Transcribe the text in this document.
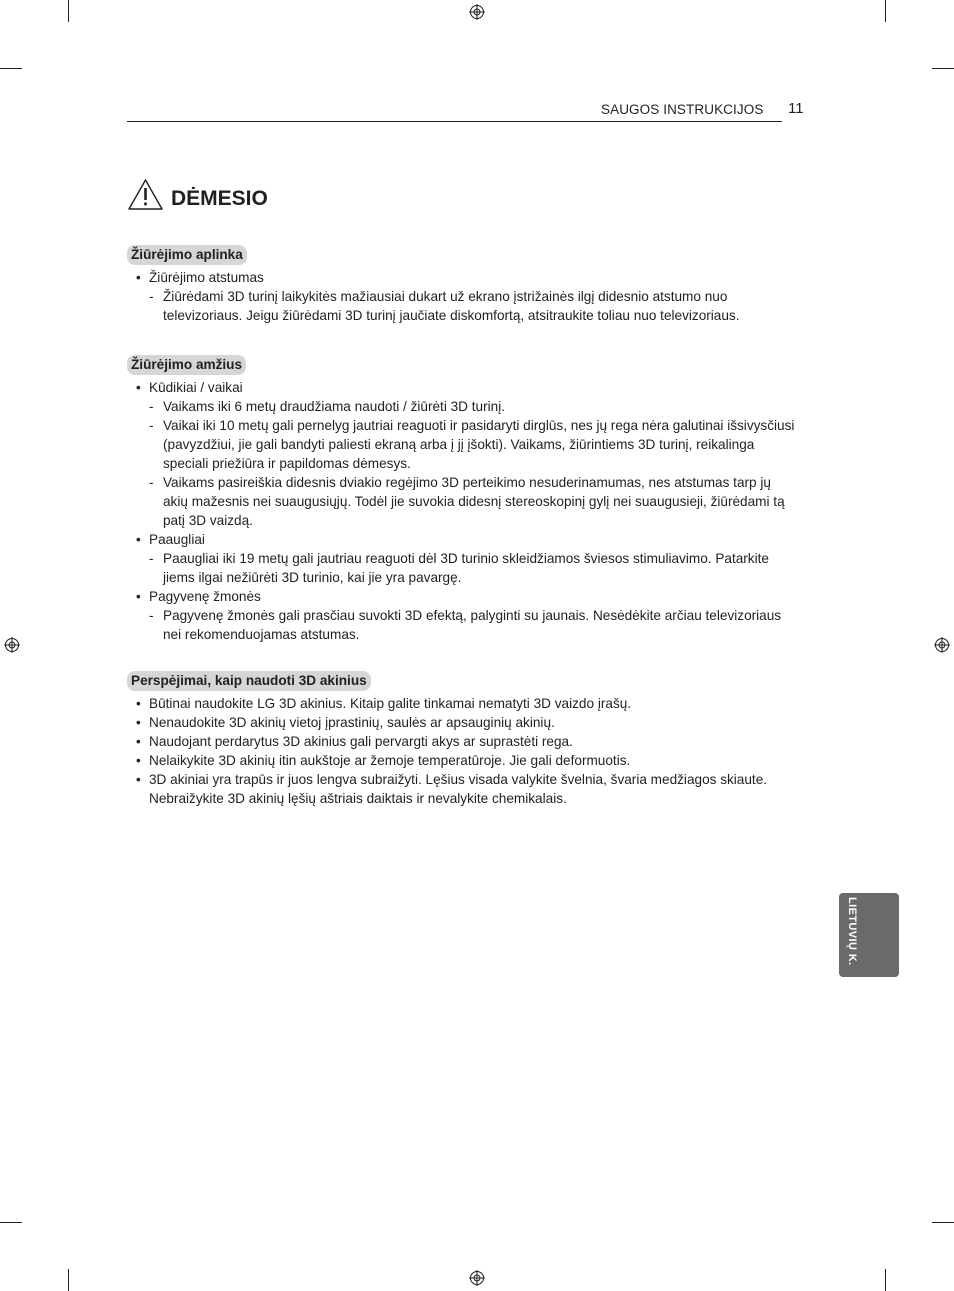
SAUGOS INSTRUKCIJOS 11
DĖMESIO
Žiūrėjimo aplinka
• Žiūrėjimo atstumas
- Žiūrėdami 3D turinį laikykitės mažiausiai dukart už ekrano įstrižainės ilgį didesnio atstumo nuo televizoriaus. Jeigu žiūrėdami 3D turinį jaučiate diskomfortą, atsitraukite toliau nuo televizoriaus.
Žiūrėjimo amžius
• Kūdikiai / vaikai
- Vaikams iki 6 metų draudžiama naudoti / žiūrėti 3D turinį.
- Vaikai iki 10 metų gali pernelyg jautriai reaguoti ir pasidaryti dirglūs, nes jų rega nėra galutinai išsivysčiusi (pavyzdžiui, jie gali bandyti paliesti ekraną arba į jį įšokti). Vaikams, žiūrintiems 3D turinį, reikalinga speciali priežiūra ir papildomas dėmesys.
- Vaikams pasireiškia didesnis dviakio regėjimo 3D perteikimo nesuderinamumas, nes atstumas tarp jų akių mažesnis nei suaugusiųjų. Todėl jie suvokia didesnį stereoskopinį gylį nei suaugusieji, žiūrėdami tą patį 3D vaizdą.
• Paaugliai
- Paaugliai iki 19 metų gali jautriau reaguoti dėl 3D turinio skleidžiamos šviesos stimuliavimo. Patarkite jiems ilgai nežiūrėti 3D turinio, kai jie yra pavargę.
• Pagyvenę žmonės
- Pagyvenę žmonės gali prasčiau suvokti 3D efektą, palyginti su jaunais. Nesėdėkite arčiau televizoriaus nei rekomenduojamas atstumas.
Perspėjimai, kaip naudoti 3D akinius
• Būtinai naudokite LG 3D akinius. Kitaip galite tinkamai nematyti 3D vaizdo įrašų.
• Nenaudokite 3D akinių vietoj įprastinių, saulės ar apsauginių akinių.
• Naudojant perdarytus 3D akinius gali pervargti akys ar suprastėti rega.
• Nelaikykite 3D akinių itin aukštoje ar žemoje temperatūroje. Jie gali deformuotis.
• 3D akiniai yra trapūs ir juos lengva subraižyti. Lęšius visada valykite švelnia, švaria medžiagos skiaute. Nebraižykite 3D akinių lęšių aštriais daiktais ir nevalykite chemikalais.
LIETUVIŲ K.
